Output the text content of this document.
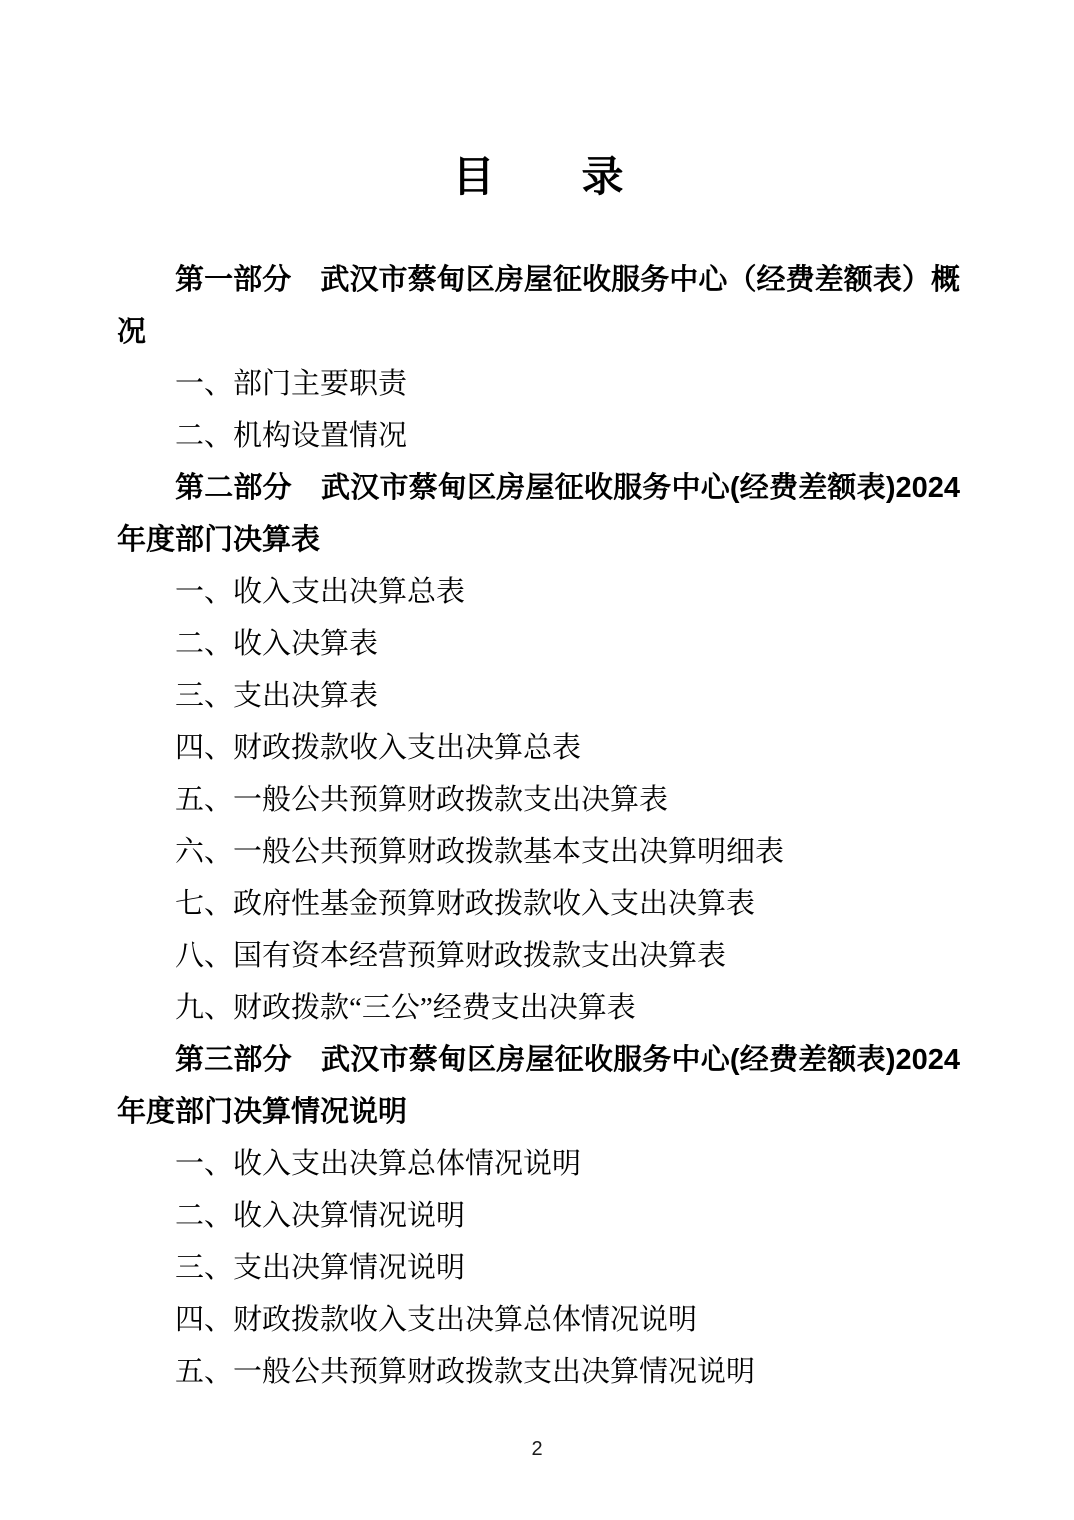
目　　录

第一部分　武汉市蔡甸区房屋征收服务中心（经费差额表）概况

一、部门主要职责

二、机构设置情况

第二部分　武汉市蔡甸区房屋征收服务中心(经费差额表)2024年度部门决算表

一、收入支出决算总表

二、收入决算表

三、支出决算表

四、财政拨款收入支出决算总表

五、一般公共预算财政拨款支出决算表

六、一般公共预算财政拨款基本支出决算明细表

七、政府性基金预算财政拨款收入支出决算表

八、国有资本经营预算财政拨款支出决算表

九、财政拨款“三公”经费支出决算表

第三部分　武汉市蔡甸区房屋征收服务中心(经费差额表)2024年度部门决算情况说明

一、收入支出决算总体情况说明

二、收入决算情况说明

三、支出决算情况说明

四、财政拨款收入支出决算总体情况说明

五、一般公共预算财政拨款支出决算情况说明

2
